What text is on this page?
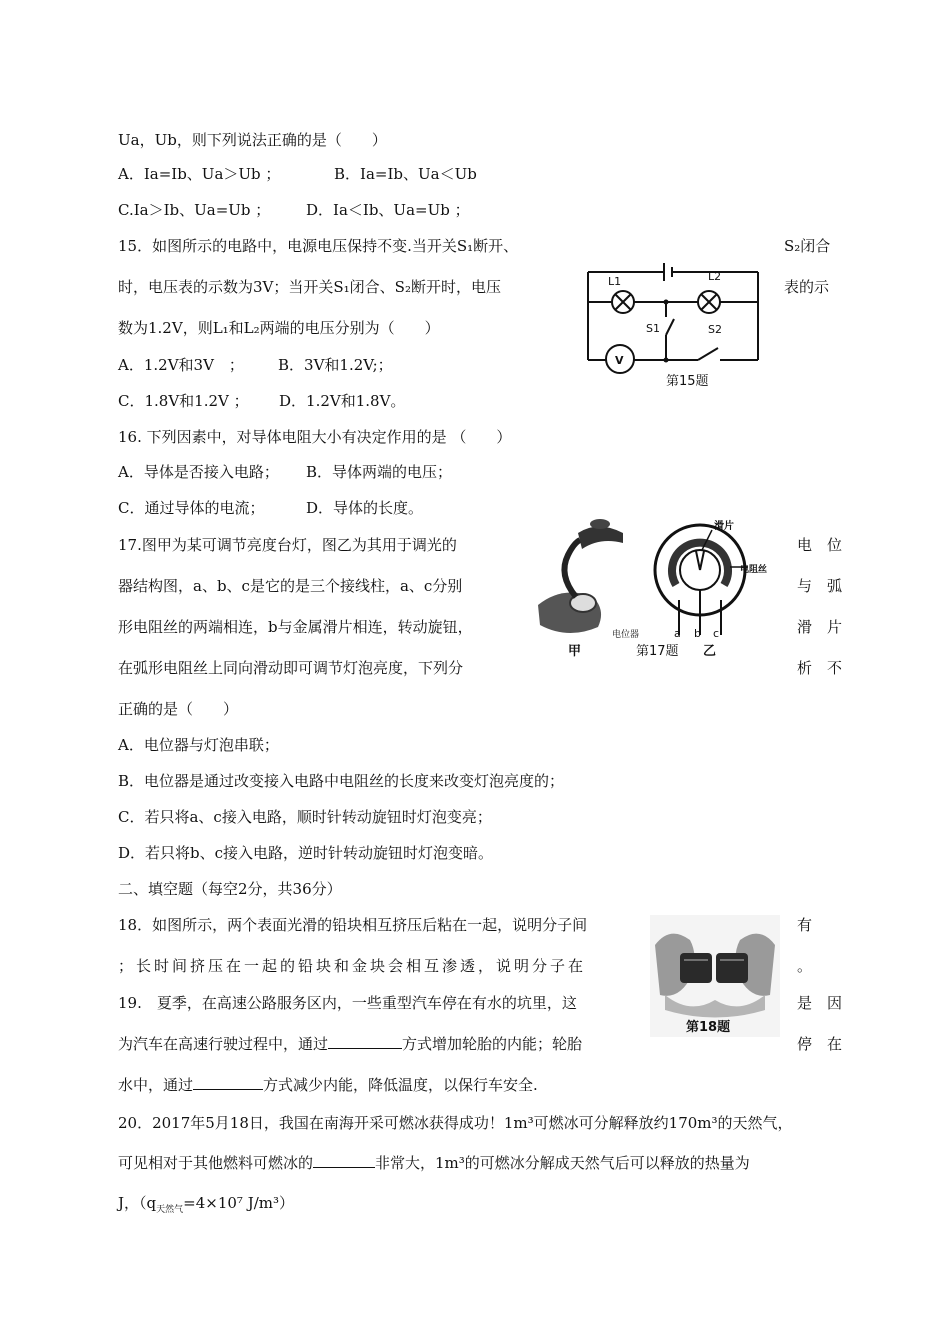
Ua，Ub，则下列说法正确的是（　　）
A．Ia=Ib、Ua＞Ub ；	B．Ia=Ib、Ua＜Ub
C.Ia＞Ib、Ua=Ub ； D．Ia＜Ib、Ua=Ub ；
15．如图所示的电路中，电源电压保持不变.当开关S₁断开、	S₂闭合
时，电压表的示数为3V；当开关S₁闭合、S₂断开时，电压	表的示
数为1.2V，则L₁和L₂两端的电压分别为（　　）
A．1.2V和3V　； B．3V和1.2V;；
C．1.8V和1.2V ； D．1.2V和1.8V。
L1	L2
S1	S2
V
第15题
16. 下列因素中，对导体电阻大小有决定作用的是 （　　）
A．导体是否接入电路； B．导体两端的电压；
C．通过导体的电流；	D．导体的长度。
17.图甲为某可调节亮度台灯，图乙为其用于调光的	电　位
器结构图，a、b、c是它的是三个接线柱，a、c分别	与　弧
形电阻丝的两端相连，b与金属滑片相连，转动旋钮，	滑　片
在弧形电阻丝上同向滑动即可调节灯泡亮度，下列分	析　不
正确的是（　　）
A．电位器与灯泡串联；
B．电位器是通过改变接入电路中电阻丝的长度来改变灯泡亮度的；
C．若只将a、c接入电路，顺时针转动旋钮时灯泡变亮；
D．若只将b、c接入电路，逆时针转动旋钮时灯泡变暗。
滑片
电阻丝
电位器	a b c
甲	第17题 乙
二、填空题（每空2分，共36分）
18．如图所示，两个表面光滑的铅块相互挤压后粘在一起，说明分子间	有
；长时间挤压在一起的铅块和金块会相互渗透，说明分子在	。
第18题
19.　夏季，在高速公路服务区内，一些重型汽车停在有水的坑里，这	是　因
为汽车在高速行驶过程中，通过	方式增加轮胎的内能；轮胎	停　在
水中，通过	方式减少内能，降低温度，以保行车安全.
20．2017年5月18日，我国在南海开采可燃冰获得成功！1m³可燃冰可分解释放约170m³的天然气，
可见相对于其他燃料可燃冰的	非常大，1m³的可燃冰分解成天然气后可以释放的热量为
J，（$q_{天然气}=4\times 10^7$ J/m³）
